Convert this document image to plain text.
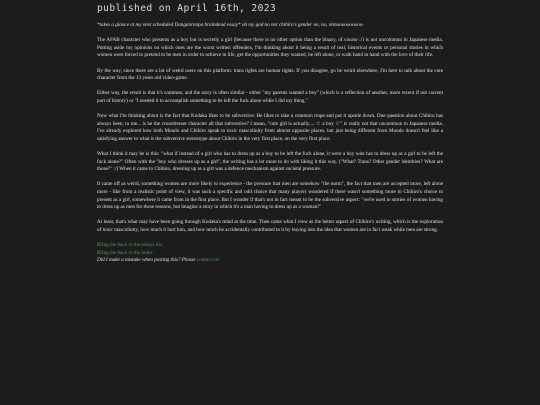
published on April 16th, 2023

*takes a glance at my next scheduled Danganronpa braindead essay* oh my god no not chihiro's gender no, no, nnnoooooooooo-

The AFAB character who presents as a boy but is secretly a girl (because there is no other option than the binary, of course :/) is not uncommon in Japanese media. Putting aside my opinions on which ones are the worst written offenders, I'm thinking about it being a result of real, historical events or personal stories in which women were forced to pretend to be men in order to achieve in life, get the opportunities they wanted, be left alone, or walk hand in hand with the love of their life.

By the way, since there are a lot of weird users on this platform: trans rights are human rights. If you disagree, go be weird elsewhere, I'm here to talk about the cute character from the 13 years old video-game.

Either way, the result is that it's common, and the story is often similar - either "my parents wanted a boy" (which is a reflection of another, more recent if not current part of history) or "I needed it to accomplish something to be left the fuck alone while I did my thing."

Now what I'm thinking about is the fact that Kodaka likes to be subversive. He likes to take a common trope and put it upside down. One question about Chihiro has always been, to me... is he the crossdresser character all that subversive? I mean, "cute girl is actually.... ☆ a boy ☆" is really not that uncommon in Japanese media. I've already explored how both Mondo and Chihiro speak to toxic masculinity from almost opposite places, but just being different from Mondo doesn't feel like a satisfying answer to what is the subversive stereotype about Chihiro in the very first place, on the very first place.

What I think it may be is this: "what if instead of a girl who has to dress up as a boy to be left the fuck alone, it were a boy who has to dress up as a girl to be left the fuck alone?" Often with the "boy who dresses up as a girl", the writing has a lot more to do with liking it this way. ("What? Trans? Other gender identities? What are those?" :/) When it came to Chihiro, dressing up as a girl was a defence mechanism against societal pressure.

It came off as weird, something women are more likely to experience - the pressure that men are somehow "the norm", the fact that men are accepted more, left alone more - like from a realistic point of view, it was such a specific and odd choice that many players wondered if there wasn't something more to Chihiro's choice to present as a girl, somewhere it came from in the first place. But I wonder if that's not in fact meant to be the subversive aspect: "we're used to stories of women having to dress up as men for these reasons, but imagine a story in which it's a man having to dress up as a woman!"

At least, that's what may have been going through Kodaka's mind at the time. Then came what I view as the better aspect of Chihiro's writing, which is the exploration of toxic masculinity, how much it hurt him, and how much he accidentally contributed to it by buying into the idea that women are in fact weak while men are strong.

Bring me back to the essays list
Bring me back to the index
Did I make a mistake when posting this? Please contact me.
